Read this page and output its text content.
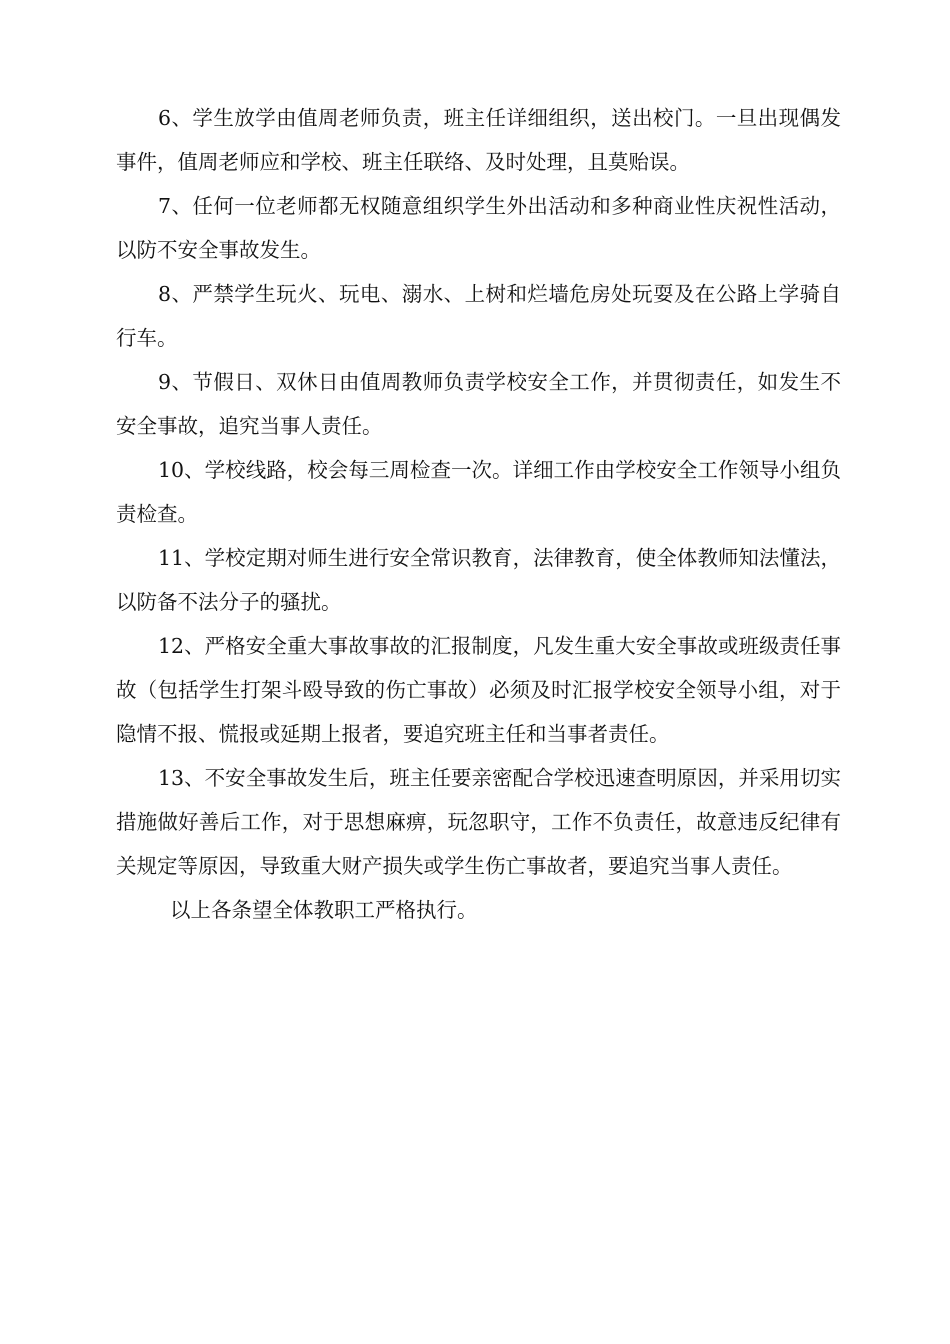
6、学生放学由值周老师负责，班主任详细组织，送出校门。一旦出现偶发事件，值周老师应和学校、班主任联络、及时处理，且莫贻误。

7、任何一位老师都无权随意组织学生外出活动和多种商业性庆祝性活动，以防不安全事故发生。

8、严禁学生玩火、玩电、溺水、上树和烂墙危房处玩耍及在公路上学骑自行车。

9、节假日、双休日由值周教师负责学校安全工作，并贯彻责任，如发生不安全事故，追究当事人责任。

10、学校线路，校会每三周检查一次。详细工作由学校安全工作领导小组负责检查。

11、学校定期对师生进行安全常识教育，法律教育，使全体教师知法懂法，以防备不法分子的骚扰。

12、严格安全重大事故事故的汇报制度，凡发生重大安全事故或班级责任事故（包括学生打架斗殴导致的伤亡事故）必须及时汇报学校安全领导小组，对于隐情不报、慌报或延期上报者，要追究班主任和当事者责任。

13、不安全事故发生后，班主任要亲密配合学校迅速查明原因，并采用切实措施做好善后工作，对于思想麻痹，玩忽职守，工作不负责任，故意违反纪律有关规定等原因，导致重大财产损失或学生伤亡事故者，要追究当事人责任。

以上各条望全体教职工严格执行。
